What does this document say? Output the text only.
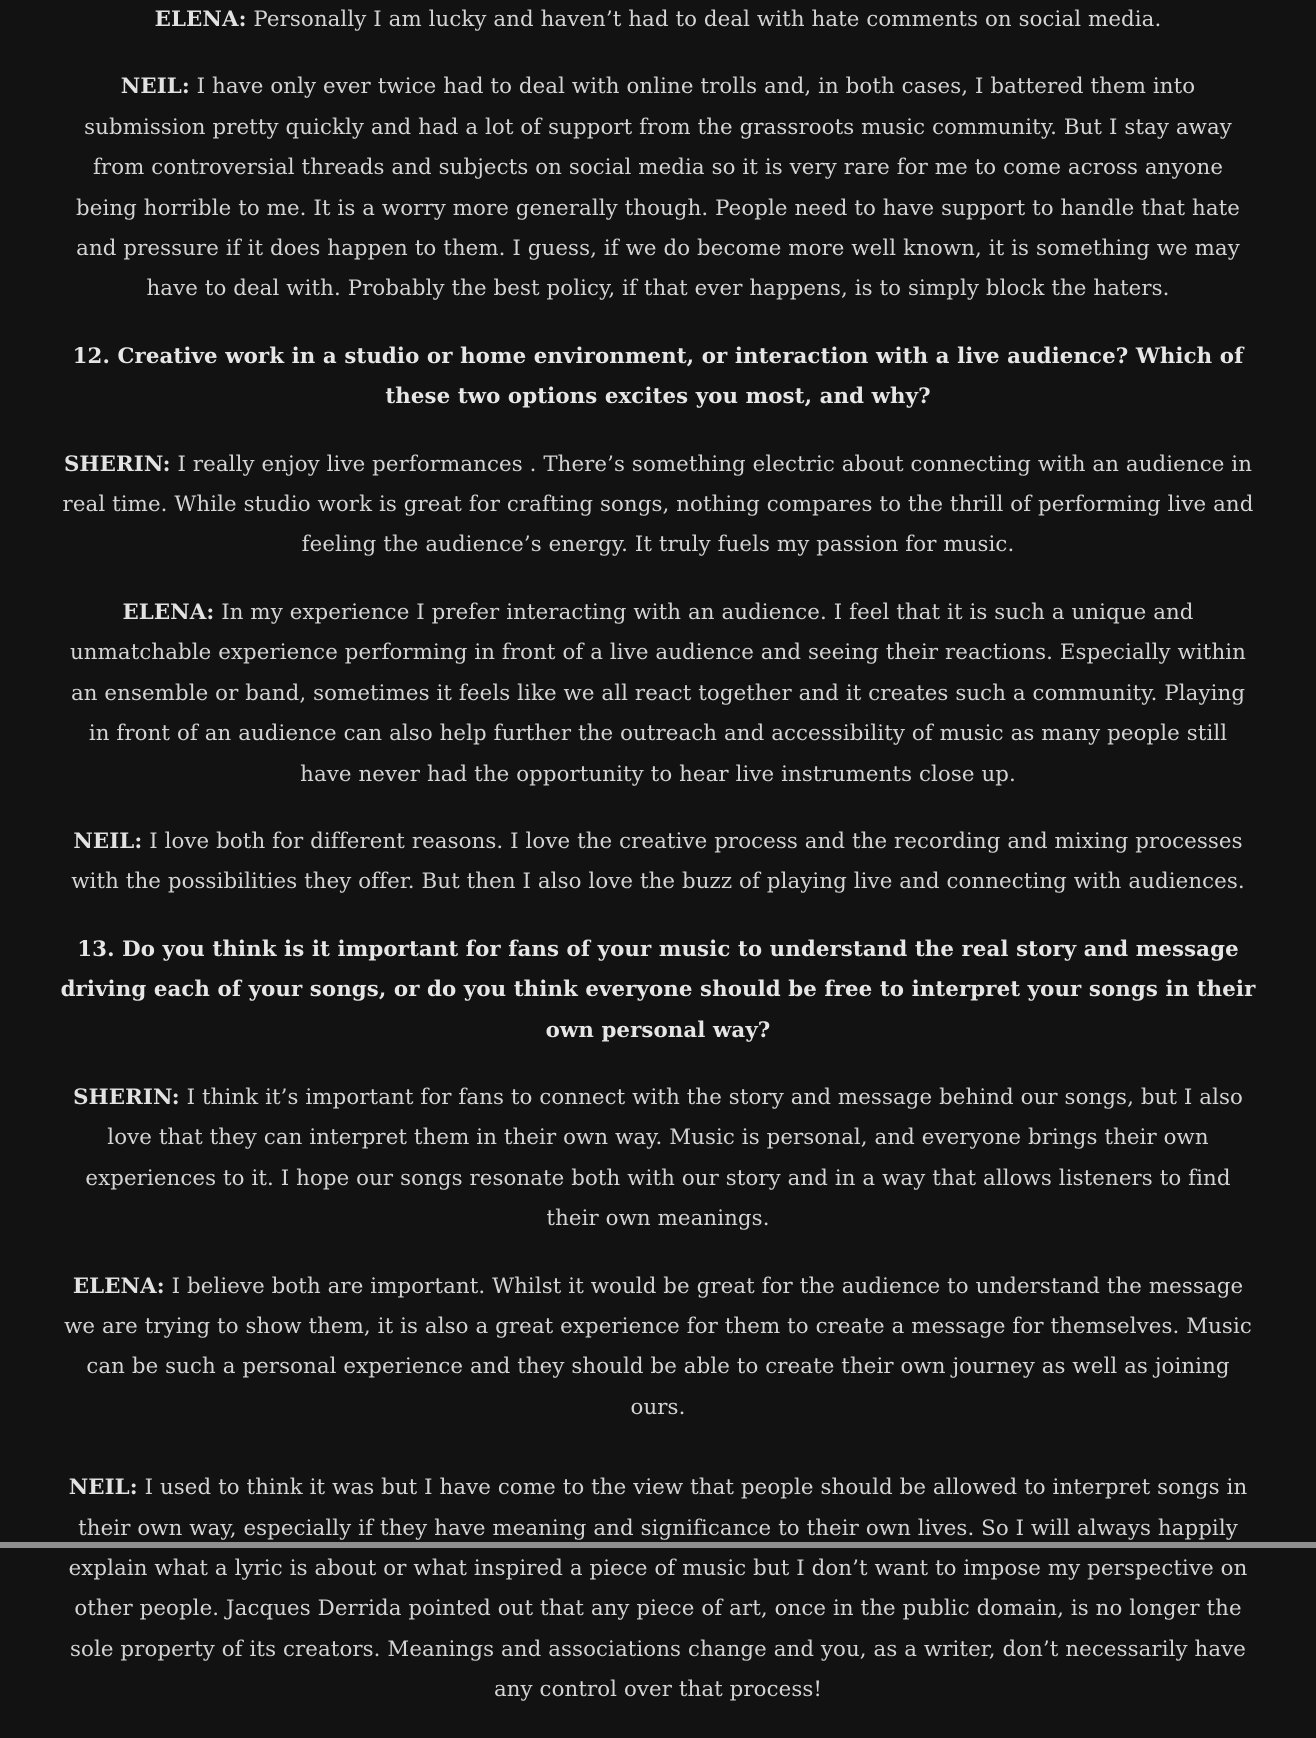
ELENA: Personally I am lucky and haven’t had to deal with hate comments on social media.

NEIL: I have only ever twice had to deal with online trolls and, in both cases, I battered them into submission pretty quickly and had a lot of support from the grassroots music community. But I stay away from controversial threads and subjects on social media so it is very rare for me to come across anyone being horrible to me. It is a worry more generally though. People need to have support to handle that hate and pressure if it does happen to them. I guess, if we do become more well known, it is something we may have to deal with. Probably the best policy, if that ever happens, is to simply block the haters.

12. Creative work in a studio or home environment, or interaction with a live audience? Which of these two options excites you most, and why?

SHERIN: I really enjoy live performances . There’s something electric about connecting with an audience in real time. While studio work is great for crafting songs, nothing compares to the thrill of performing live and feeling the audience’s energy. It truly fuels my passion for music.

ELENA: In my experience I prefer interacting with an audience. I feel that it is such a unique and unmatchable experience performing in front of a live audience and seeing their reactions. Especially within an ensemble or band, sometimes it feels like we all react together and it creates such a community. Playing in front of an audience can also help further the outreach and accessibility of music as many people still have never had the opportunity to hear live instruments close up.

NEIL: I love both for different reasons. I love the creative process and the recording and mixing processes with the possibilities they offer. But then I also love the buzz of playing live and connecting with audiences.

13. Do you think is it important for fans of your music to understand the real story and message driving each of your songs, or do you think everyone should be free to interpret your songs in their own personal way?

SHERIN: I think it’s important for fans to connect with the story and message behind our songs, but I also love that they can interpret them in their own way. Music is personal, and everyone brings their own experiences to it. I hope our songs resonate both with our story and in a way that allows listeners to find their own meanings.

ELENA: I believe both are important. Whilst it would be great for the audience to understand the message we are trying to show them, it is also a great experience for them to create a message for themselves. Music can be such a personal experience and they should be able to create their own journey as well as joining ours.

NEIL: I used to think it was but I have come to the view that people should be allowed to interpret songs in their own way, especially if they have meaning and significance to their own lives. So I will always happily explain what a lyric is about or what inspired a piece of music but I don’t want to impose my perspective on other people. Jacques Derrida pointed out that any piece of art, once in the public domain, is no longer the sole property of its creators. Meanings and associations change and you, as a writer, don’t necessarily have any control over that process!
